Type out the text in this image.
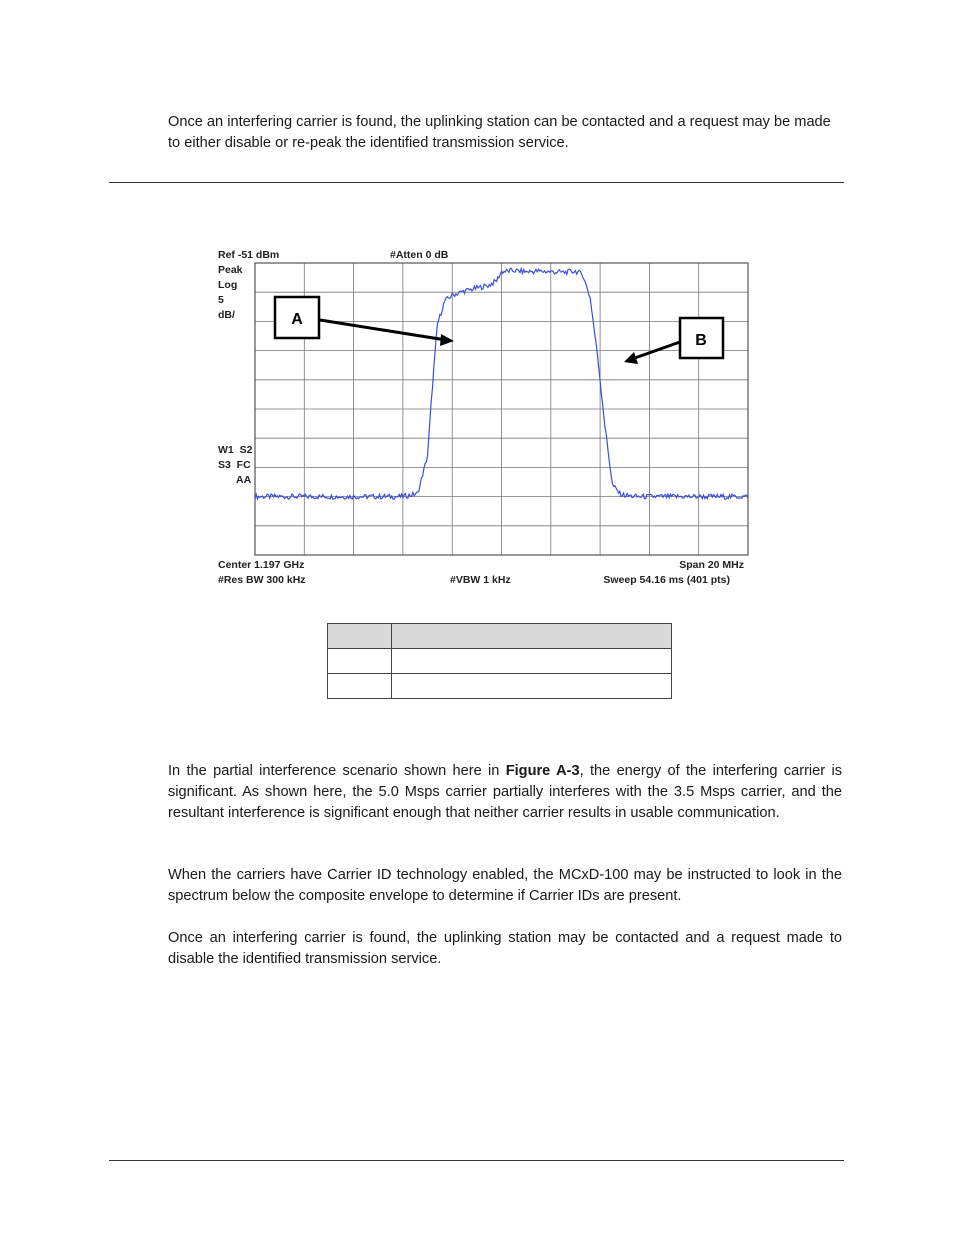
Once an interfering carrier is found, the uplinking station can be contacted and a request may be made to either disable or re-peak the identified transmission service.

Ref -51 dBm
Peak
Log
5
dB/
#Atten 0 dB
W1  S2
S3  FC
AA
Center 1.197 GHz
#Res BW 300 kHz	#VBW 1 kHz
Span 20 MHz
Sweep 54.16 ms (401 pts)
A
B

In the partial interference scenario shown here in Figure A-3, the energy of the interfering carrier is significant. As shown here, the 5.0 Msps carrier partially interferes with the 3.5 Msps carrier, and the resultant interference is significant enough that neither carrier results in usable communication.

When the carriers have Carrier ID technology enabled, the MCxD-100 may be instructed to look in the spectrum below the composite envelope to determine if Carrier IDs are present.

Once an interfering carrier is found, the uplinking station may be contacted and a request made to disable the identified transmission service.
